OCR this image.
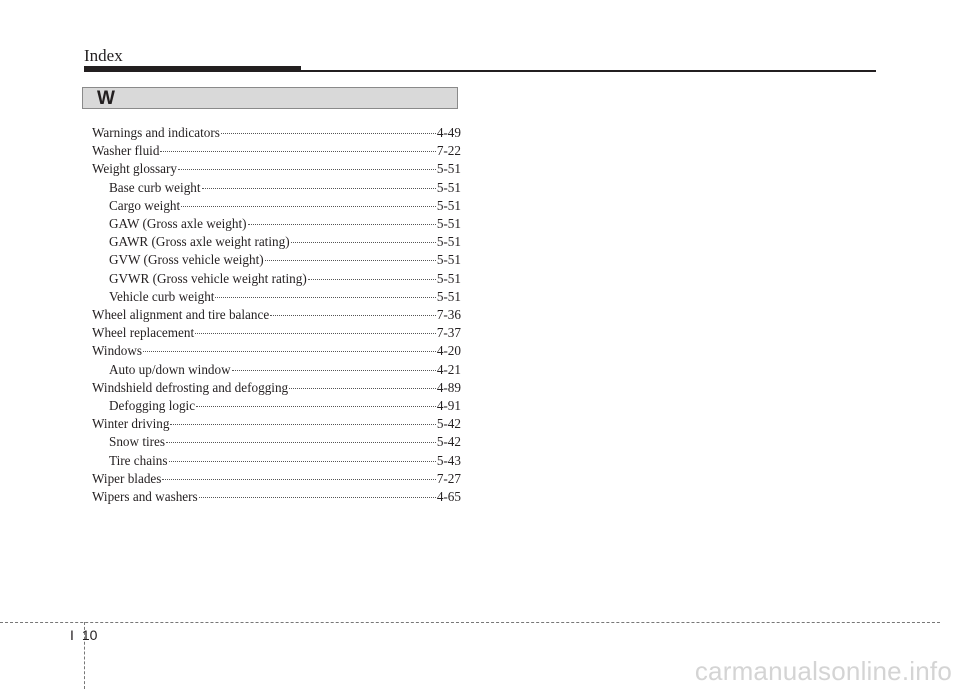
Index
W
Warnings and indicators	4-49
Washer fluid	7-22
Weight glossary	5-51
Base curb weight	5-51
Cargo weight	5-51
GAW (Gross axle weight)	5-51
GAWR (Gross axle weight rating)	5-51
GVW (Gross vehicle weight)	5-51
GVWR (Gross vehicle weight rating)	5-51
Vehicle curb weight	5-51
Wheel alignment and tire balance	7-36
Wheel replacement	7-37
Windows	4-20
Auto up/down window	4-21
Windshield defrosting and defogging	4-89
Defogging logic	4-91
Winter driving	5-42
Snow tires	5-42
Tire chains	5-43
Wiper blades	7-27
Wipers and washers	4-65
I 10
carmanualsonline.info
